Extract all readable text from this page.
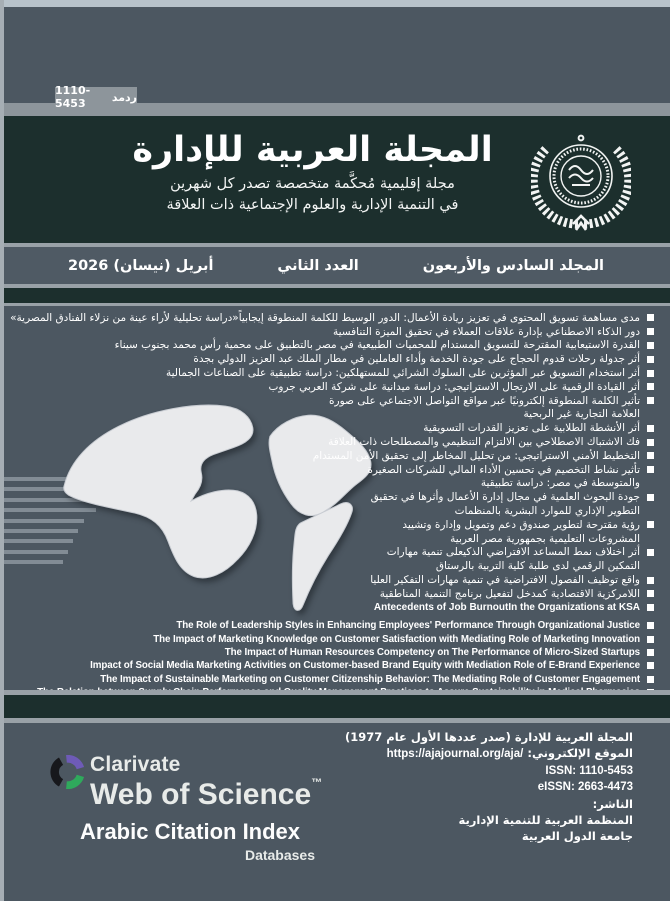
1110-5453	ردمد
المجلة العربية للإدارة

مجلة إقليمية مُحكَّمة متخصصة تصدر كل شهرين

في التنمية الإدارية والعلوم الإجتماعية ذات العلاقة

أبريل (نيسان) 2026	العدد الثاني	المجلد السادس والأربعون
مدى مساهمة تسويق المحتوى في تعزيز ريادة الأعمال: الدور الوسيط للكلمة المنطوقة إيجابياً«دراسة تحليلية لأراء عينة من نزلاء الفنادق المصرية»
دور الذكاء الاصطناعي بإدارة علاقات العملاء في تحقيق الميزة التنافسية
القدرة الاستيعابية المقترحة للتسويق المستدام للمحميات الطبيعية في مصر بالتطبيق على محمية رأس محمد بجنوب سيناء
أثر جدولة رحلات قدوم الحجاج على جودة الخدمة وأداء العاملين في مطار الملك عبد العزيز الدولي بجدة
أثر استخدام التسويق عبر المؤثرين على السلوك الشرائي للمستهلكين: دراسة تطبيقية على الصناعات الجمالية
أثر القيادة الرقمية على الارتجال الاستراتيجي: دراسة ميدانية على شركة العربي جروب
تأثير الكلمة المنطوقة إلكترونيًا عبر مواقع التواصل الاجتماعي على صورة
العلامة التجارية غير الربحية
أثر الأنشطة الطلابية على تعزيز القدرات التسويقية
فك الاشتباك الاصطلاحي بين الالتزام التنظيمي والمصطلحات ذات العلاقة
التخطيط الأمني الاستراتيجي: من تحليل المخاطر إلى تحقيق الأمن المستدام
تأثير نشاط التخصيم في تحسين الأداء المالي للشركات الصغيرة
والمتوسطة في مصر: دراسة تطبيقية
جودة البحوث العلمية في مجال إدارة الأعمال وأثرها في تحقيق
التطوير الإداري للموارد البشرية بالمنظمات
رؤية مقترحة لتطوير صندوق دعم وتمويل وإدارة وتشييد
المشروعات التعليمية بجمهورية مصر العربية
أثر اختلاف نمط المساعد الافتراضي الذكيعلى تنمية مهارات
التمكين الرقمي لدى طلبة كلية التربية بالرستاق
واقع توظيف الفصول الافتراضية في تنمية مهارات التفكير العليا
اللامركزية الاقتصادية كمدخل لتفعيل برنامج التنمية المناطقية
Antecedents of Job BurnoutIn the Organizations at KSA
The Role of Leadership Styles in Enhancing Employees' Performance Through Organizational Justice
The Impact of Marketing Knowledge on Customer Satisfaction with Mediating Role of Marketing Innovation
The Impact of Human Resources Competency on The Performance of Micro-Sized Startups
Impact of Social Media Marketing Activities on Customer-based Brand Equity with Mediation Role of E-Brand Experience
The Impact of Sustainable Marketing on Customer Citizenship Behavior: The Mediating Role of Customer Engagement
Clarivate
Web of Science™
Arabic Citation Index
Databases
المجلة العربية للإدارة (صدر عددها الأول عام 1977)
الموقع الإلكتروني: https://ajajournal.org/aja/
ISSN: 1110-5453
eISSN: 2663-4473
الناشر:
المنظمة العربية للتنمية الإدارية
جامعة الدول العربية
